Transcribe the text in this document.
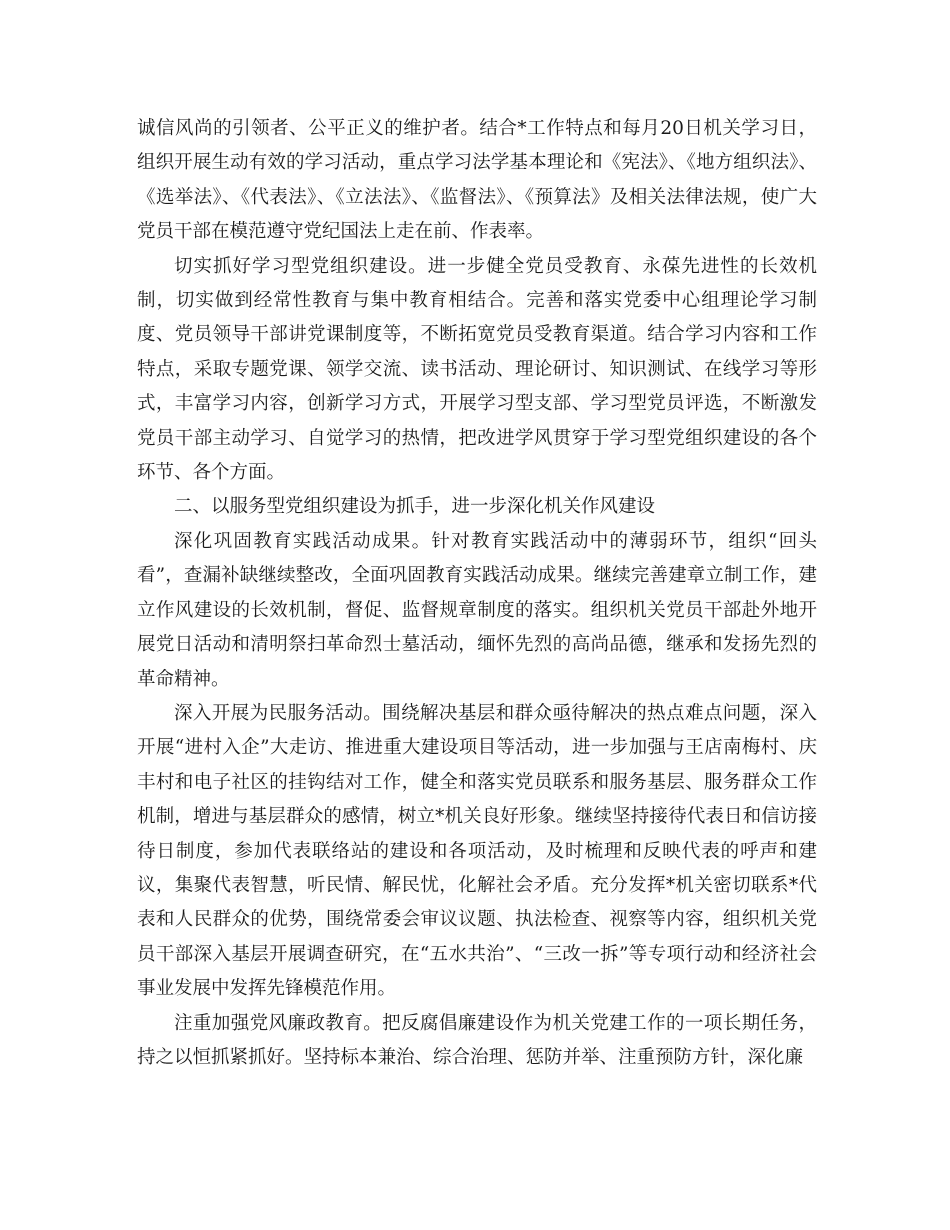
诚信风尚的引领者、公平正义的维护者。结合*工作特点和每月20日机关学习日，组织开展生动有效的学习活动，重点学习法学基本理论和《宪法》、《地方组织法》、《选举法》、《代表法》、《立法法》、《监督法》、《预算法》及相关法律法规，使广大党员干部在模范遵守党纪国法上走在前、作表率。

切实抓好学习型党组织建设。进一步健全党员受教育、永葆先进性的长效机制，切实做到经常性教育与集中教育相结合。完善和落实党委中心组理论学习制度、党员领导干部讲党课制度等，不断拓宽党员受教育渠道。结合学习内容和工作特点，采取专题党课、领学交流、读书活动、理论研讨、知识测试、在线学习等形式，丰富学习内容，创新学习方式，开展学习型支部、学习型党员评选，不断激发党员干部主动学习、自觉学习的热情，把改进学风贯穿于学习型党组织建设的各个环节、各个方面。

二、以服务型党组织建设为抓手，进一步深化机关作风建设

深化巩固教育实践活动成果。针对教育实践活动中的薄弱环节，组织“回头看”，查漏补缺继续整改，全面巩固教育实践活动成果。继续完善建章立制工作，建立作风建设的长效机制，督促、监督规章制度的落实。组织机关党员干部赴外地开展党日活动和清明祭扫革命烈士墓活动，缅怀先烈的高尚品德，继承和发扬先烈的革命精神。

深入开展为民服务活动。围绕解决基层和群众亟待解决的热点难点问题，深入开展“进村入企”大走访、推进重大建设项目等活动，进一步加强与王店南梅村、庆丰村和电子社区的挂钩结对工作，健全和落实党员联系和服务基层、服务群众工作机制，增进与基层群众的感情，树立*机关良好形象。继续坚持接待代表日和信访接待日制度，参加代表联络站的建设和各项活动，及时梳理和反映代表的呼声和建议，集聚代表智慧，听民情、解民忧，化解社会矛盾。充分发挥*机关密切联系*代表和人民群众的优势，围绕常委会审议议题、执法检查、视察等内容，组织机关党员干部深入基层开展调查研究，在“五水共治”、“三改一拆”等专项行动和经济社会事业发展中发挥先锋模范作用。

注重加强党风廉政教育。把反腐倡廉建设作为机关党建工作的一项长期任务，持之以恒抓紧抓好。坚持标本兼治、综合治理、惩防并举、注重预防方针，深化廉
